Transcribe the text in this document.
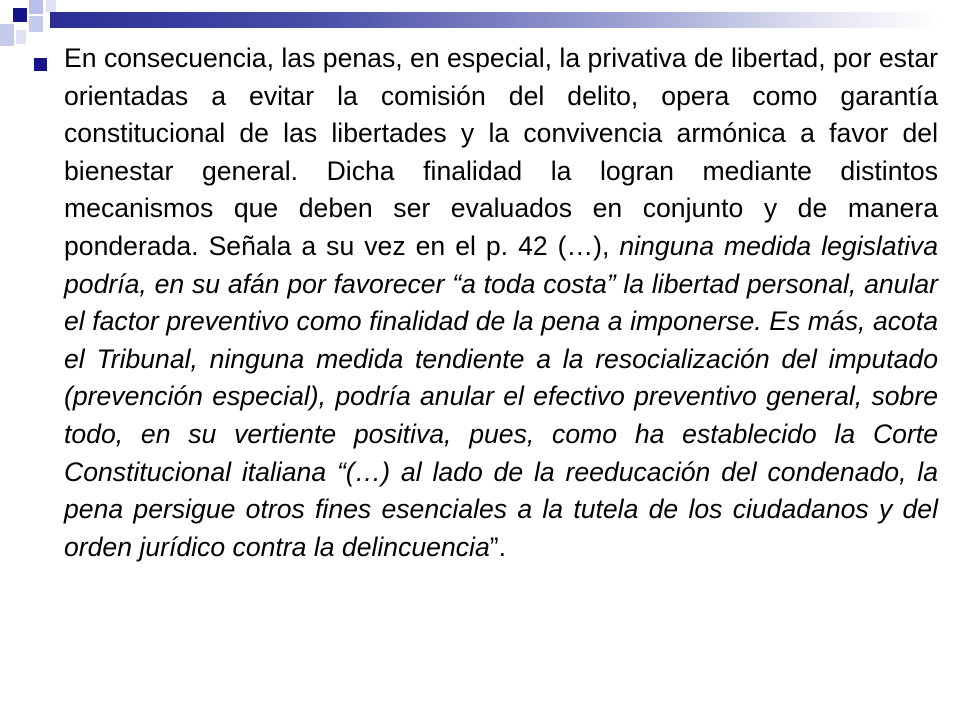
En consecuencia, las penas, en especial, la privativa de libertad, por estar orientadas a evitar la comisión del delito, opera como garantía constitucional de las libertades y la convivencia armónica a favor del bienestar general. Dicha finalidad la logran mediante distintos mecanismos que deben ser evaluados en conjunto y de manera ponderada. Señala a su vez en el p. 42 (…), ninguna medida legislativa podría, en su afán por favorecer “a toda costa” la libertad personal, anular el factor preventivo como finalidad de la pena a imponerse. Es más, acota el Tribunal, ninguna medida tendiente a la resocialización del imputado (prevención especial), podría anular el efectivo preventivo general, sobre todo, en su vertiente positiva, pues, como ha establecido la Corte Constitucional italiana “(…) al lado de la reeducación del condenado, la pena persigue otros fines esenciales a la tutela de los ciudadanos y del orden jurídico contra la delincuencia”.
